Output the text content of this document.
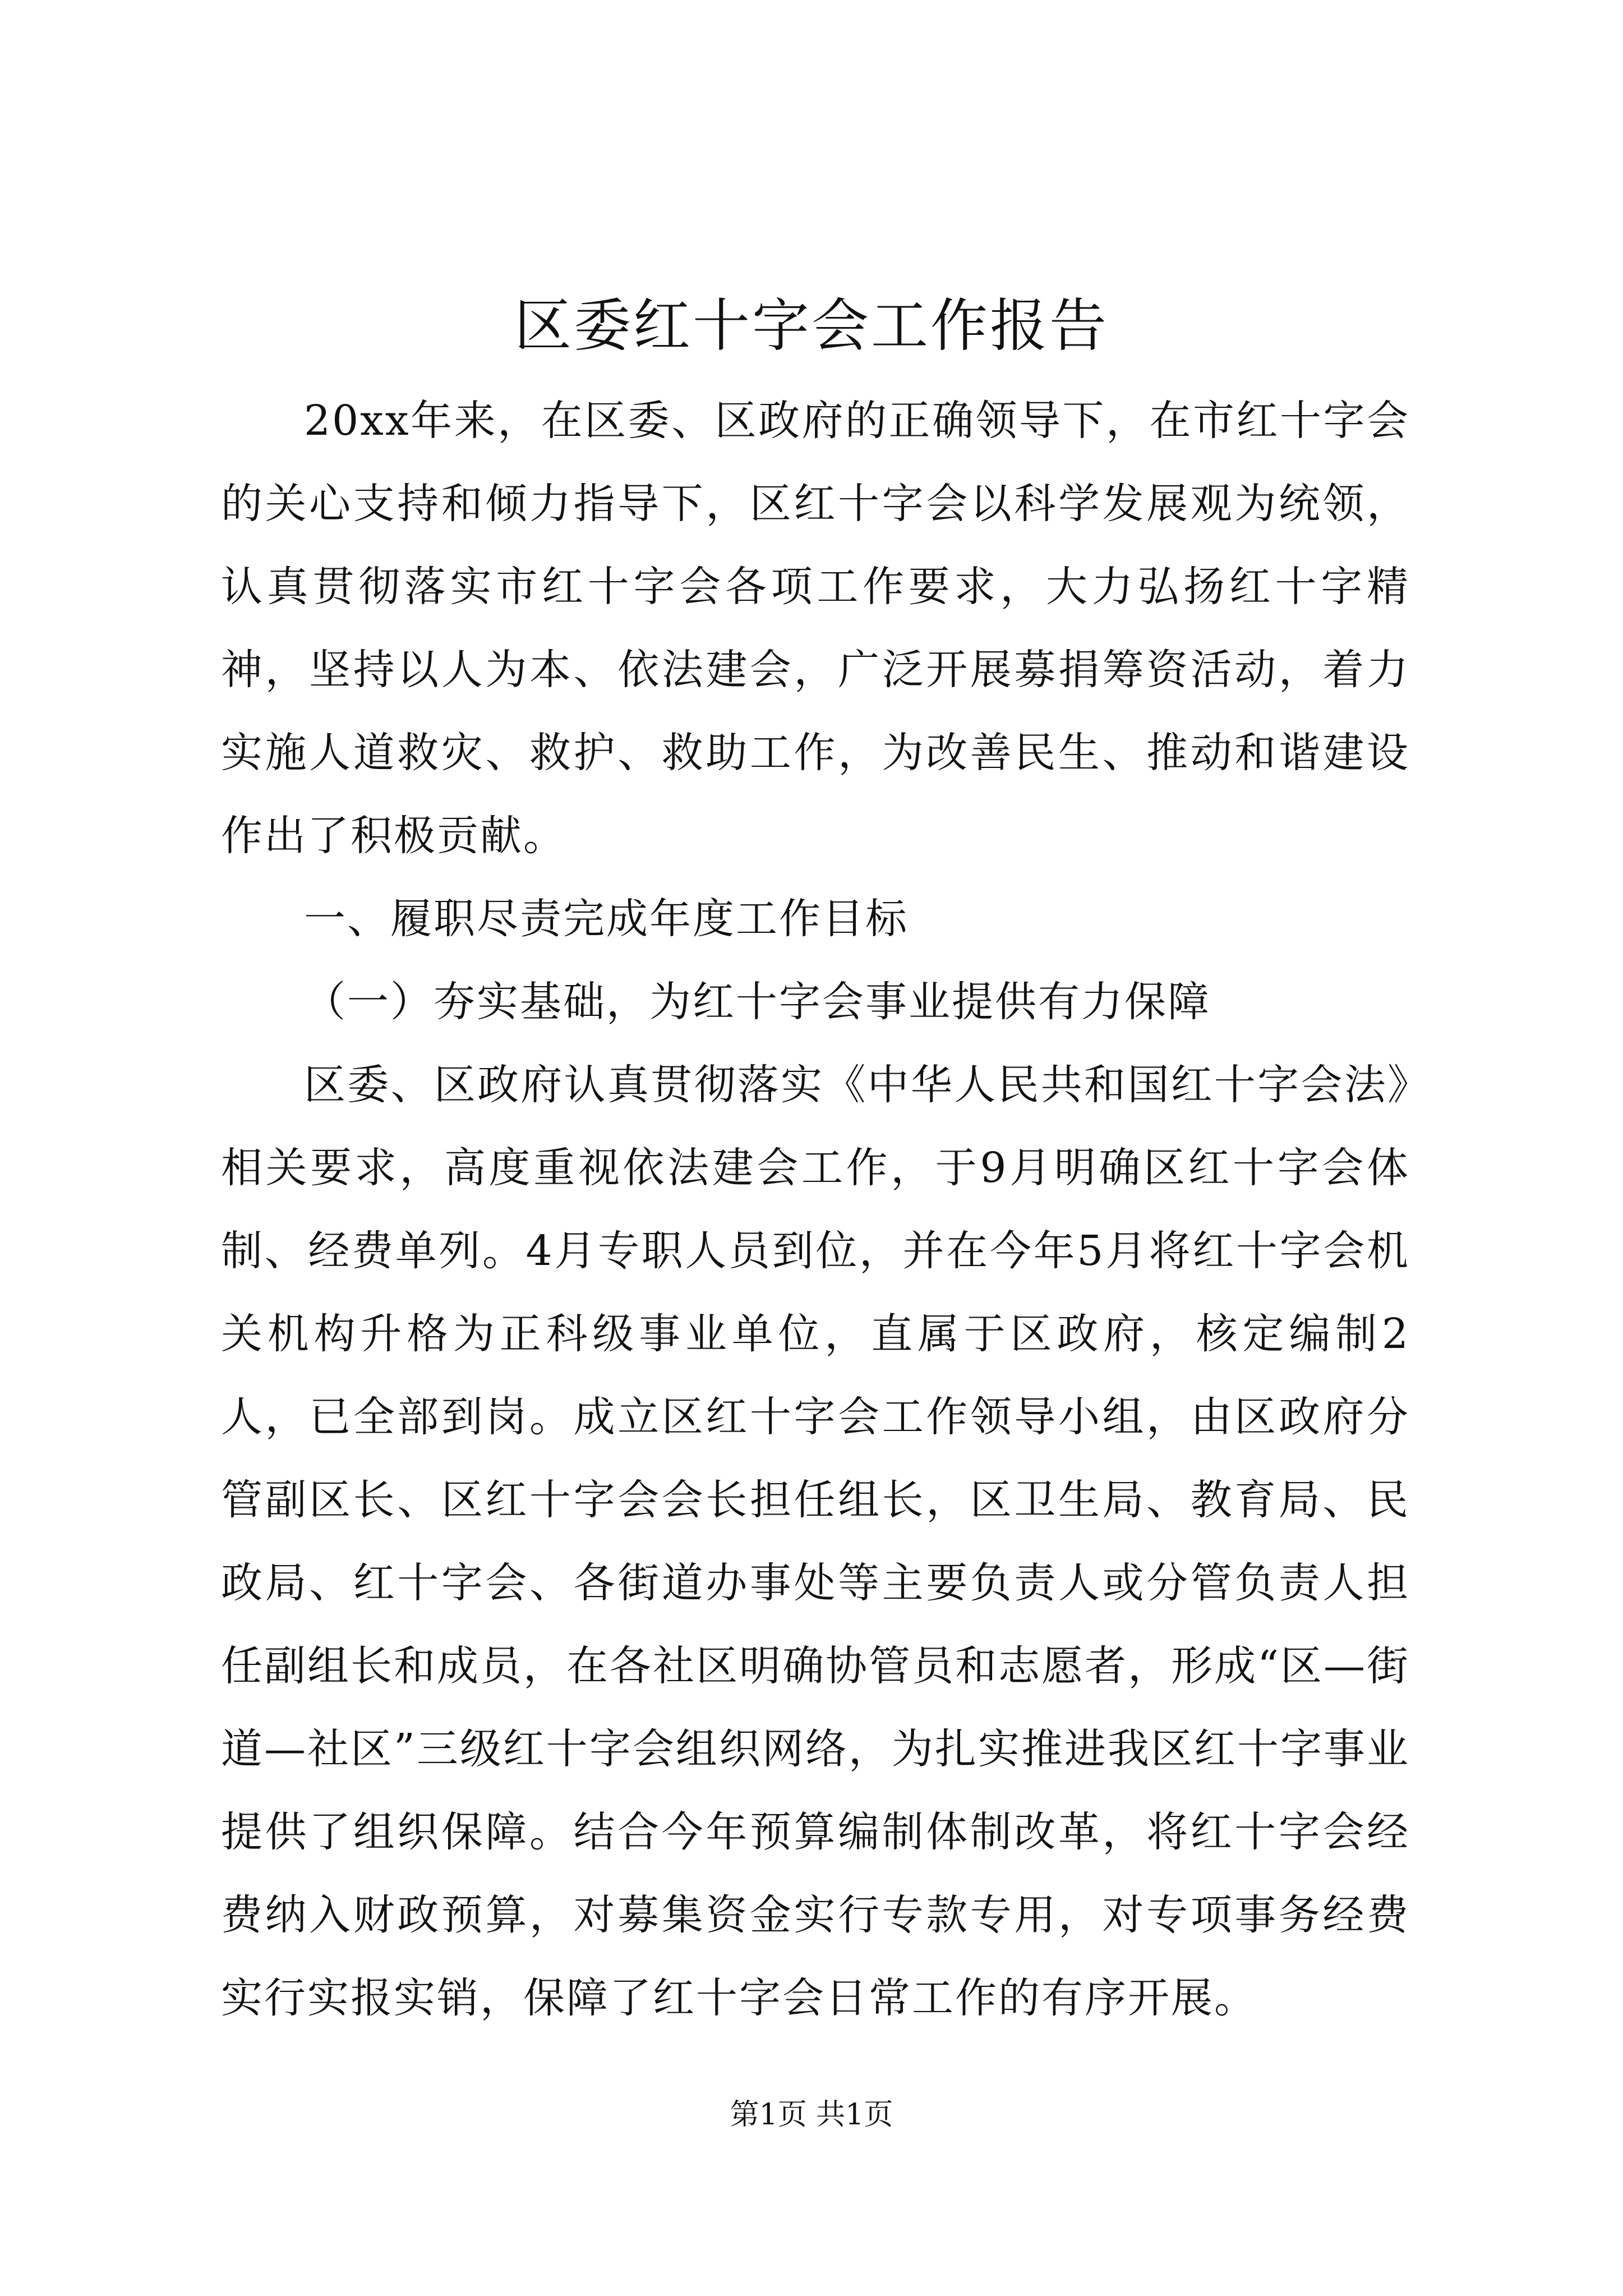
区委红十字会工作报告

20xx年来，在区委、区政府的正确领导下，在市红十字会的关心支持和倾力指导下，区红十字会以科学发展观为统领，认真贯彻落实市红十字会各项工作要求，大力弘扬红十字精神，坚持以人为本、依法建会，广泛开展募捐筹资活动，着力实施人道救灾、救护、救助工作，为改善民生、推动和谐建设作出了积极贡献。

一、履职尽责完成年度工作目标

（一）夯实基础，为红十字会事业提供有力保障

区委、区政府认真贯彻落实《中华人民共和国红十字会法》相关要求，高度重视依法建会工作，于9月明确区红十字会体制、经费单列。4月专职人员到位，并在今年5月将红十字会机关机构升格为正科级事业单位，直属于区政府，核定编制2人，已全部到岗。成立区红十字会工作领导小组，由区政府分管副区长、区红十字会会长担任组长，区卫生局、教育局、民政局、红十字会、各街道办事处等主要负责人或分管负责人担任副组长和成员，在各社区明确协管员和志愿者，形成“区—街道—社区”三级红十字会组织网络，为扎实推进我区红十字事业提供了组织保障。结合今年预算编制体制改革，将红十字会经费纳入财政预算，对募集资金实行专款专用，对专项事务经费实行实报实销，保障了红十字会日常工作的有序开展。

第1页 共1页
